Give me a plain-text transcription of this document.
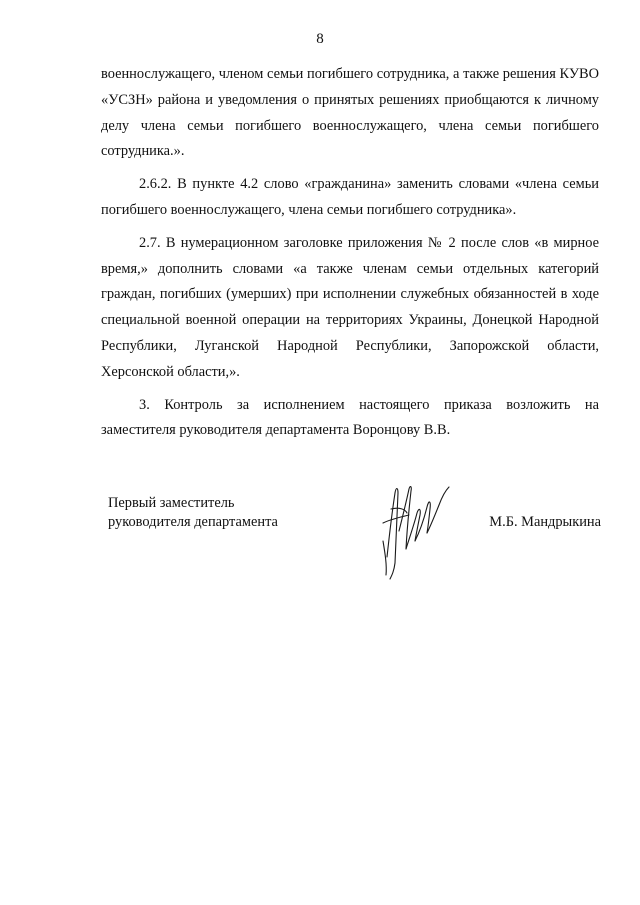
8

военнослужащего, членом семьи погибшего сотрудника, а также решения КУВО «УСЗН» района и уведомления о принятых решениях приобщаются к личному делу члена семьи погибшего военнослужащего, члена семьи погибшего сотрудника.».

2.6.2. В пункте 4.2 слово «гражданина» заменить словами «члена семьи погибшего военнослужащего, члена семьи погибшего сотрудника».

2.7. В нумерационном заголовке приложения № 2 после слов «в мирное время,» дополнить словами «а также членам семьи отдельных категорий граждан, погибших (умерших) при исполнении служебных обязанностей в ходе специальной военной операции на территориях Украины, Донецкой Народной Республики, Луганской Народной Республики, Запорожской области, Херсонской области,».

3. Контроль за исполнением настоящего приказа возложить на заместителя руководителя департамента Воронцову В.В.

Первый заместитель
руководителя департамента	М.Б. Мандрыкина
